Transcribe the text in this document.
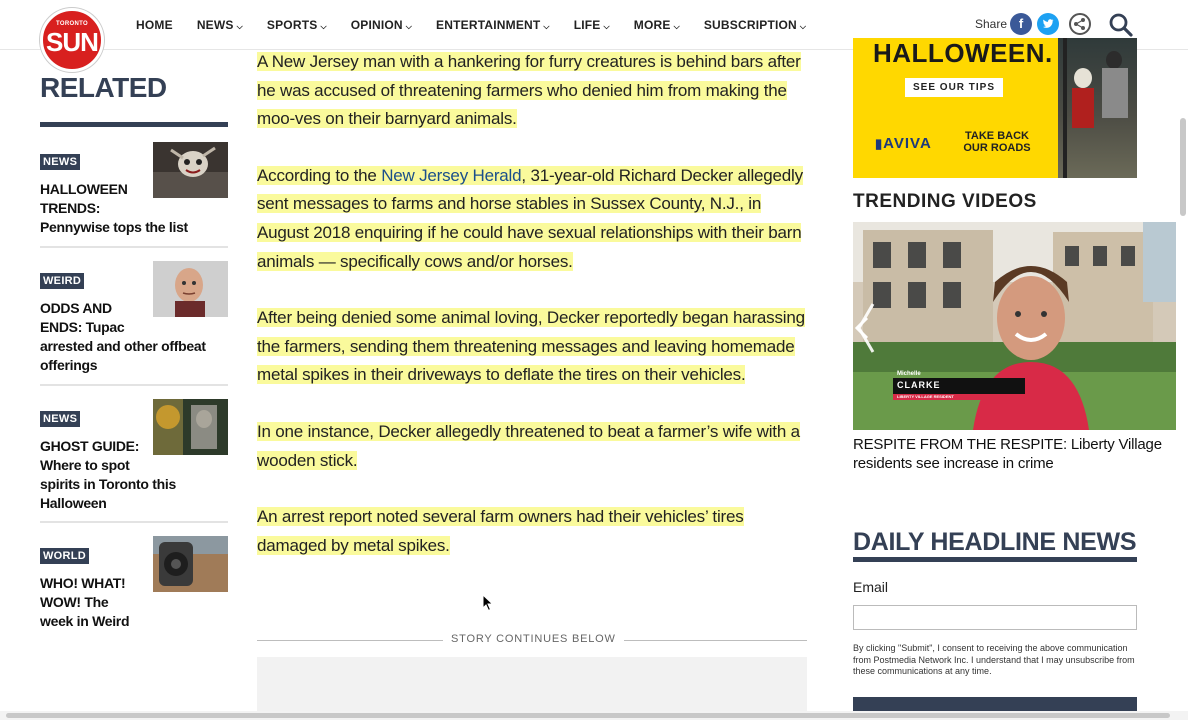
TORONTO
SUN
HOME NEWS ⌵ SPORTS ⌵ OPINION ⌵ ENTERTAINMENT ⌵ LIFE ⌵ MORE ⌵ SUBSCRIPTION ⌵	Share f
RELATED
NEWS
HALLOWEEN
TRENDS:
Pennywise tops the list
WEIRD
ODDS AND
ENDS: Tupac
arrested and other offbeat
offerings
NEWS
GHOST GUIDE:
Where to spot
spirits in Toronto this
Halloween
WORLD
WHO! WHAT!
WOW! The
week in Weird

A New Jersey man with a hankering for furry creatures is behind bars after he was accused of threatening farmers who denied him from making the moo-ves on their barnyard animals.

According to the New Jersey Herald, 31-year-old Richard Decker allegedly sent messages to farms and horse stables in Sussex County, N.J., in August 2018 enquiring if he could have sexual relationships with their barn animals — specifically cows and/or horses.

After being denied some animal loving, Decker reportedly began harassing the farmers, sending them threatening messages and leaving homemade metal spikes in their driveways to deflate the tires on their vehicles.

In one instance, Decker allegedly threatened to beat a farmer’s wife with a wooden stick.

An arrest report noted several farm owners had their vehicles’ tires damaged by metal spikes.

STORY CONTINUES BELOW
HALLOWEEN.
SEE OUR TIPS
▮AVIVA	TAKE BACK
OUR ROADS
TRENDING VIDEOS
Michelle
CLARKE
LIBERTY VILLAGE RESIDENT
RESPITE FROM THE RESPITE: Liberty Village residents see increase in crime
DAILY HEADLINE NEWS
Email
By clicking "Submit", I consent to receiving the above communication from Postmedia Network Inc. I understand that I may unsubscribe from these communications at any time.
